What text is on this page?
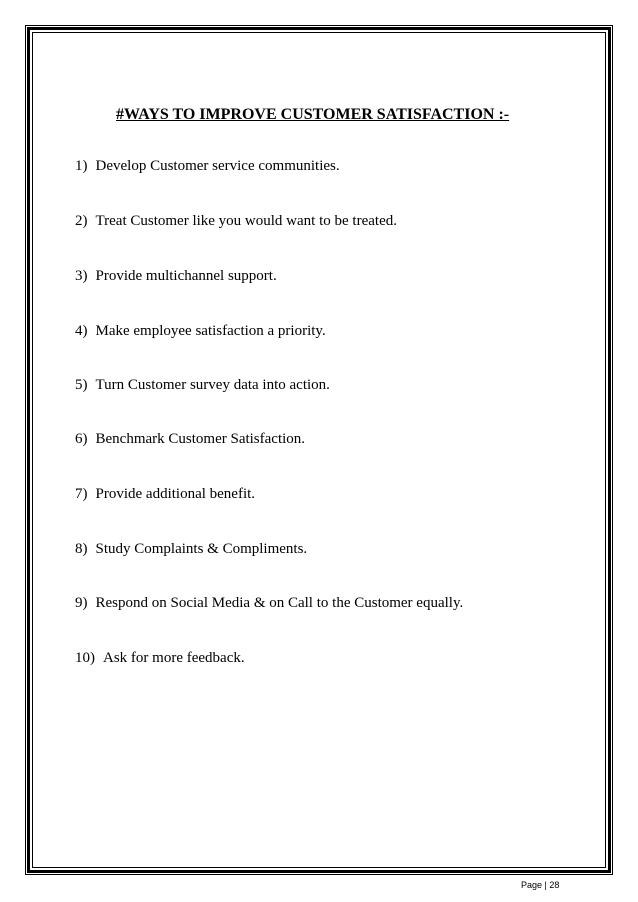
#WAYS TO IMPROVE CUSTOMER SATISFACTION :-
1) Develop Customer service communities.
2) Treat Customer like you would want to be treated.
3) Provide multichannel support.
4) Make employee satisfaction a priority.
5) Turn Customer survey data into action.
6) Benchmark Customer Satisfaction.
7) Provide additional benefit.
8) Study Complaints & Compliments.
9) Respond on Social Media & on Call to the Customer equally.
10) Ask for more feedback.
Page | 28
